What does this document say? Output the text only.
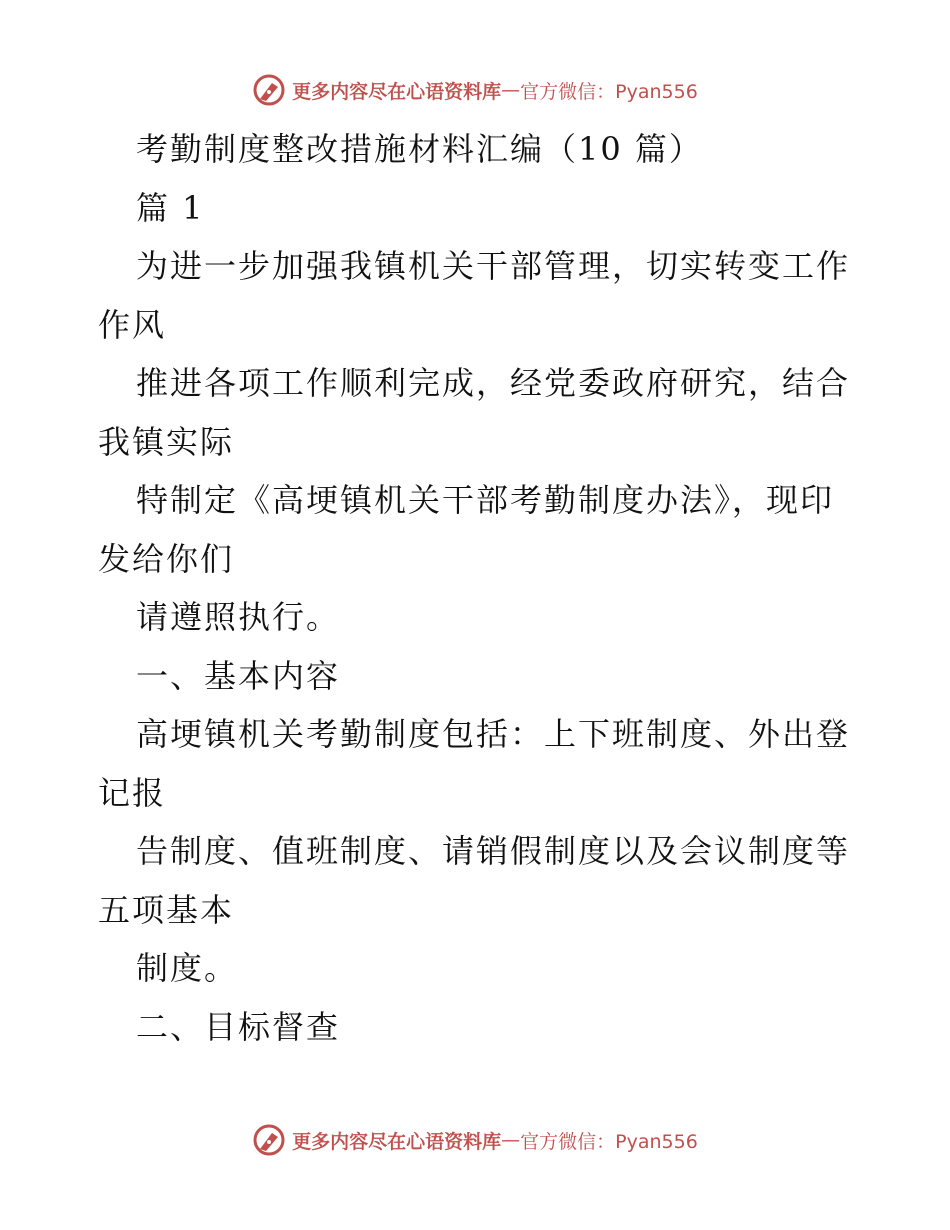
更多内容尽在心语资料库 — 官方微信：Pyan556
考勤制度整改措施材料汇编（10 篇）
篇 1
为进一步加强我镇机关干部管理，切实转变工作
作风
推进各项工作顺利完成，经党委政府研究，结合
我镇实际
特制定《高埂镇机关干部考勤制度办法》，现印
发给你们
请遵照执行。
一、基本内容
高埂镇机关考勤制度包括：上下班制度、外出登
记报
告制度、值班制度、请销假制度以及会议制度等
五项基本
制度。
二、目标督查
更多内容尽在心语资料库 — 官方微信：Pyan556
